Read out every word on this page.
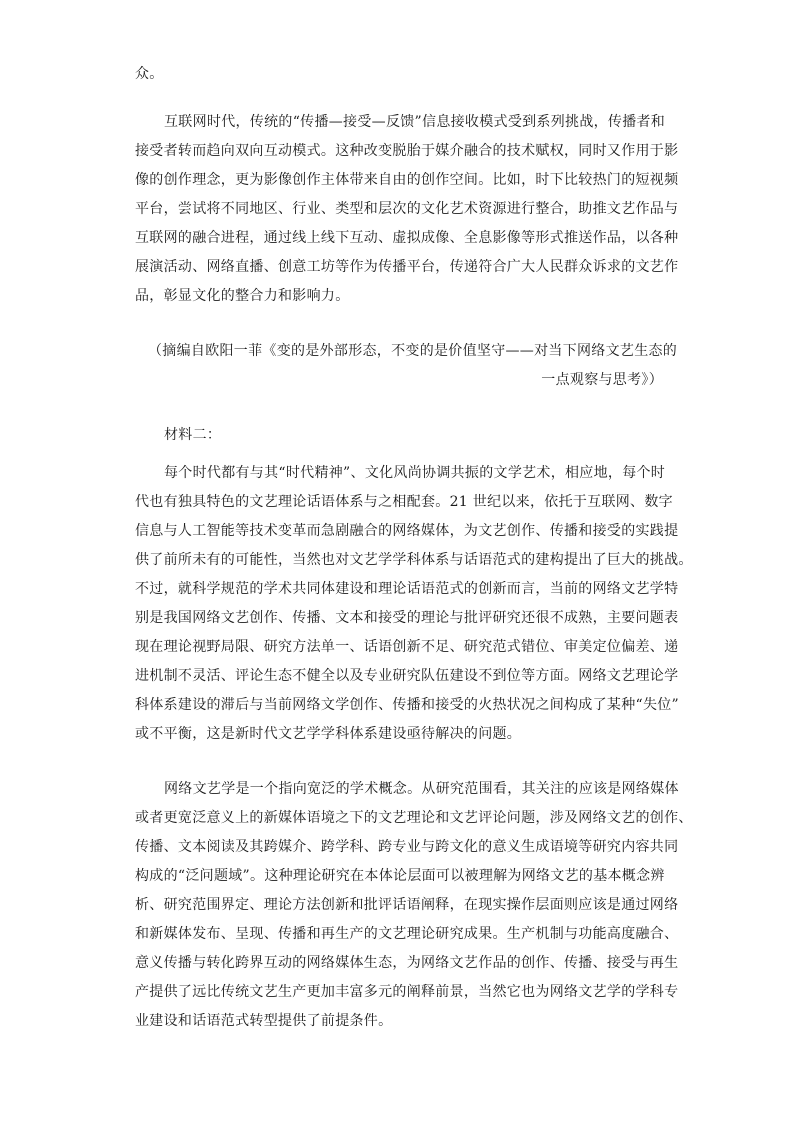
众。
互联网时代，传统的“传播—接受—反馈”信息接收模式受到系列挑战，传播者和
接受者转而趋向双向互动模式。这种改变脱胎于媒介融合的技术赋权，同时又作用于影
像的创作理念，更为影像创作主体带来自由的创作空间。比如，时下比较热门的短视频
平台，尝试将不同地区、行业、类型和层次的文化艺术资源进行整合，助推文艺作品与
互联网的融合进程，通过线上线下互动、虚拟成像、全息影像等形式推送作品，以各种
展演活动、网络直播、创意工坊等作为传播平台，传递符合广大人民群众诉求的文艺作
品，彰显文化的整合力和影响力。
（摘编自欧阳一菲《变的是外部形态，不变的是价值坚守——对当下网络文艺生态的
一点观察与思考》）
材料二：
每个时代都有与其“时代精神”、文化风尚协调共振的文学艺术，相应地，每个时
代也有独具特色的文艺理论话语体系与之相配套。21 世纪以来，依托于互联网、数字
信息与人工智能等技术变革而急剧融合的网络媒体，为文艺创作、传播和接受的实践提
供了前所未有的可能性，当然也对文艺学学科体系与话语范式的建构提出了巨大的挑战。
不过，就科学规范的学术共同体建设和理论话语范式的创新而言，当前的网络文艺学特
别是我国网络文艺创作、传播、文本和接受的理论与批评研究还很不成熟，主要问题表
现在理论视野局限、研究方法单一、话语创新不足、研究范式错位、审美定位偏差、递
进机制不灵活、评论生态不健全以及专业研究队伍建设不到位等方面。网络文艺理论学
科体系建设的滞后与当前网络文学创作、传播和接受的火热状况之间构成了某种“失位”
或不平衡，这是新时代文艺学学科体系建设亟待解决的问题。
网络文艺学是一个指向宽泛的学术概念。从研究范围看，其关注的应该是网络媒体
或者更宽泛意义上的新媒体语境之下的文艺理论和文艺评论问题，涉及网络文艺的创作、
传播、文本阅读及其跨媒介、跨学科、跨专业与跨文化的意义生成语境等研究内容共同
构成的“泛问题域”。这种理论研究在本体论层面可以被理解为网络文艺的基本概念辨
析、研究范围界定、理论方法创新和批评话语阐释，在现实操作层面则应该是通过网络
和新媒体发布、呈现、传播和再生产的文艺理论研究成果。生产机制与功能高度融合、
意义传播与转化跨界互动的网络媒体生态，为网络文艺作品的创作、传播、接受与再生
产提供了远比传统文艺生产更加丰富多元的阐释前景，当然它也为网络文艺学的学科专
业建设和话语范式转型提供了前提条件。
